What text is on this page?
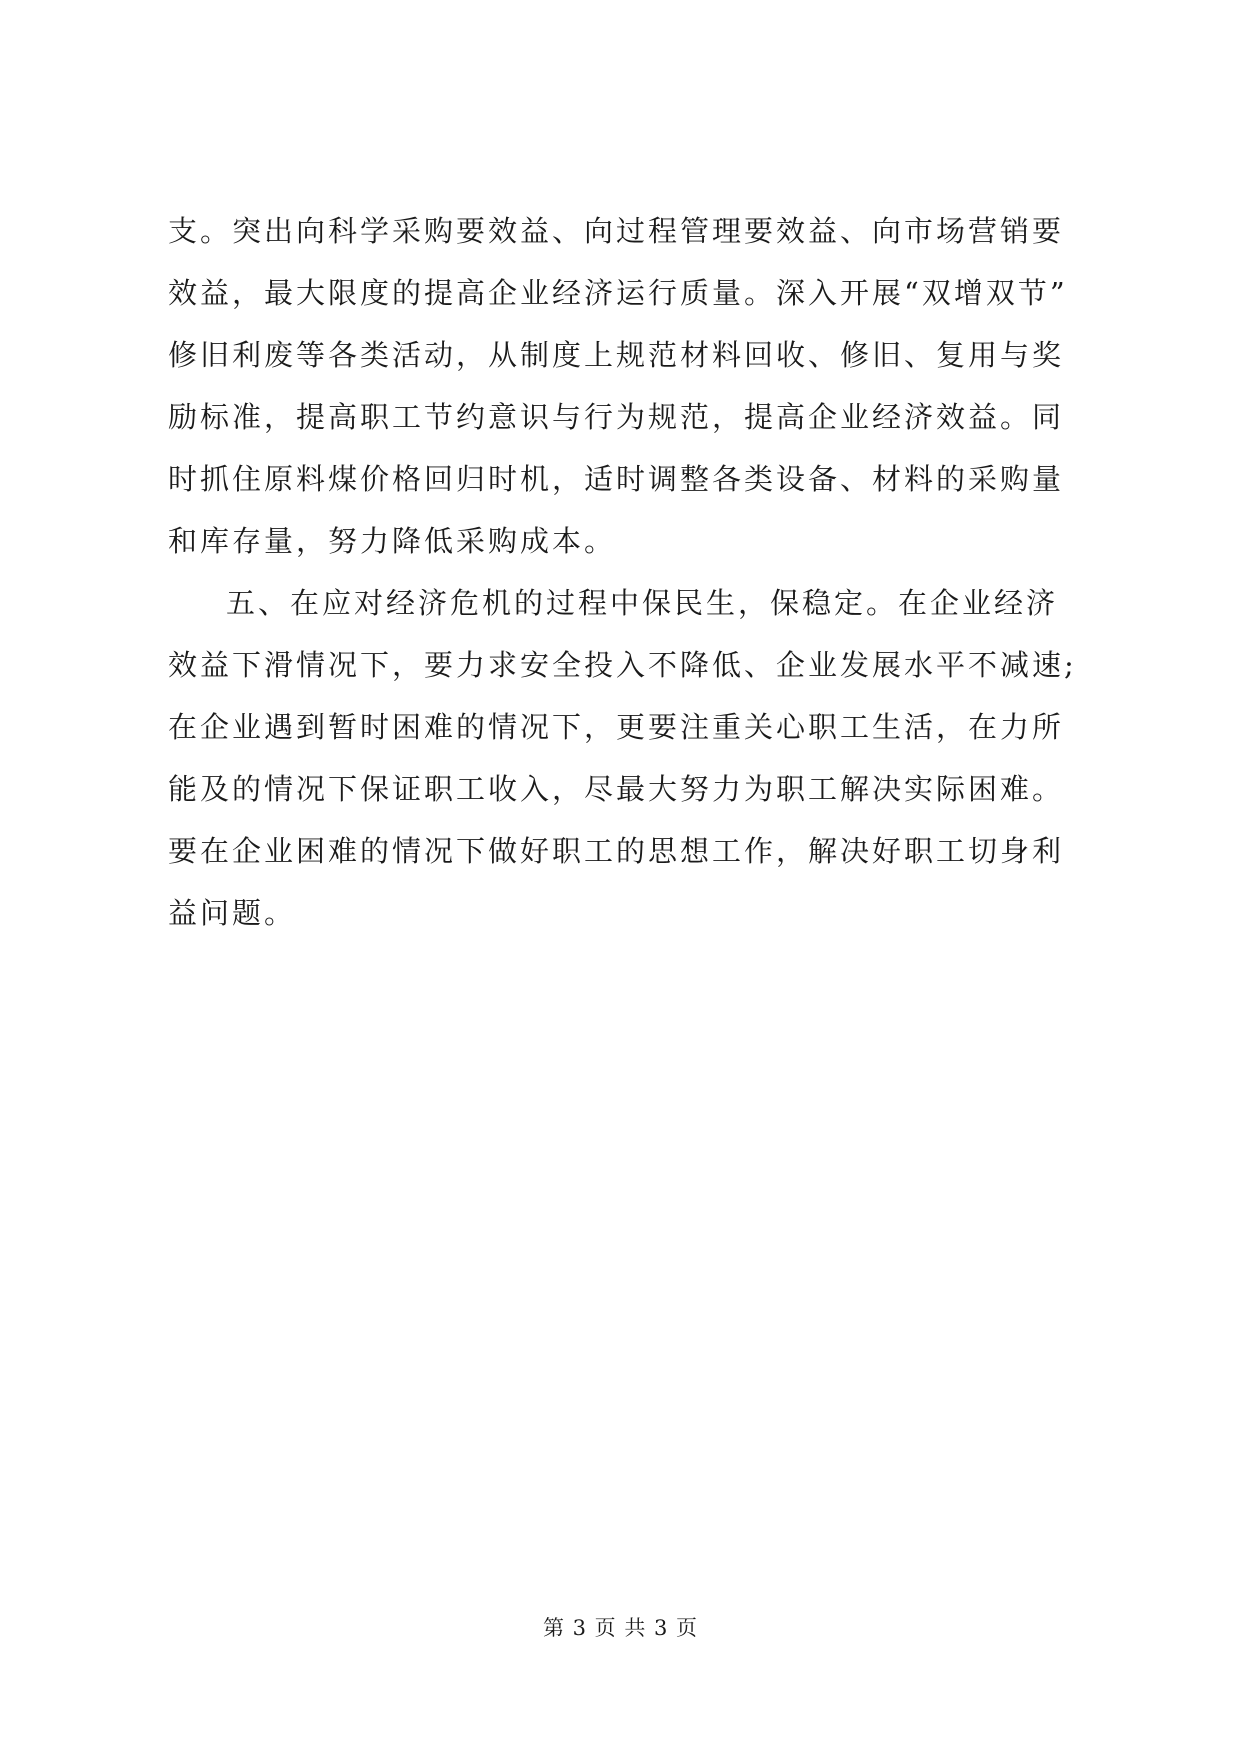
支。突出向科学采购要效益、向过程管理要效益、向市场营销要
效益，最大限度的提高企业经济运行质量。深入开展“双增双节”
修旧利废等各类活动，从制度上规范材料回收、修旧、复用与奖
励标准，提高职工节约意识与行为规范，提高企业经济效益。同
时抓住原料煤价格回归时机，适时调整各类设备、材料的采购量
和库存量，努力降低采购成本。
五、在应对经济危机的过程中保民生，保稳定。在企业经济
效益下滑情况下，要力求安全投入不降低、企业发展水平不减速;
在企业遇到暂时困难的情况下，更要注重关心职工生活，在力所
能及的情况下保证职工收入，尽最大努力为职工解决实际困难。
要在企业困难的情况下做好职工的思想工作，解决好职工切身利
益问题。
第 3 页 共 3 页
